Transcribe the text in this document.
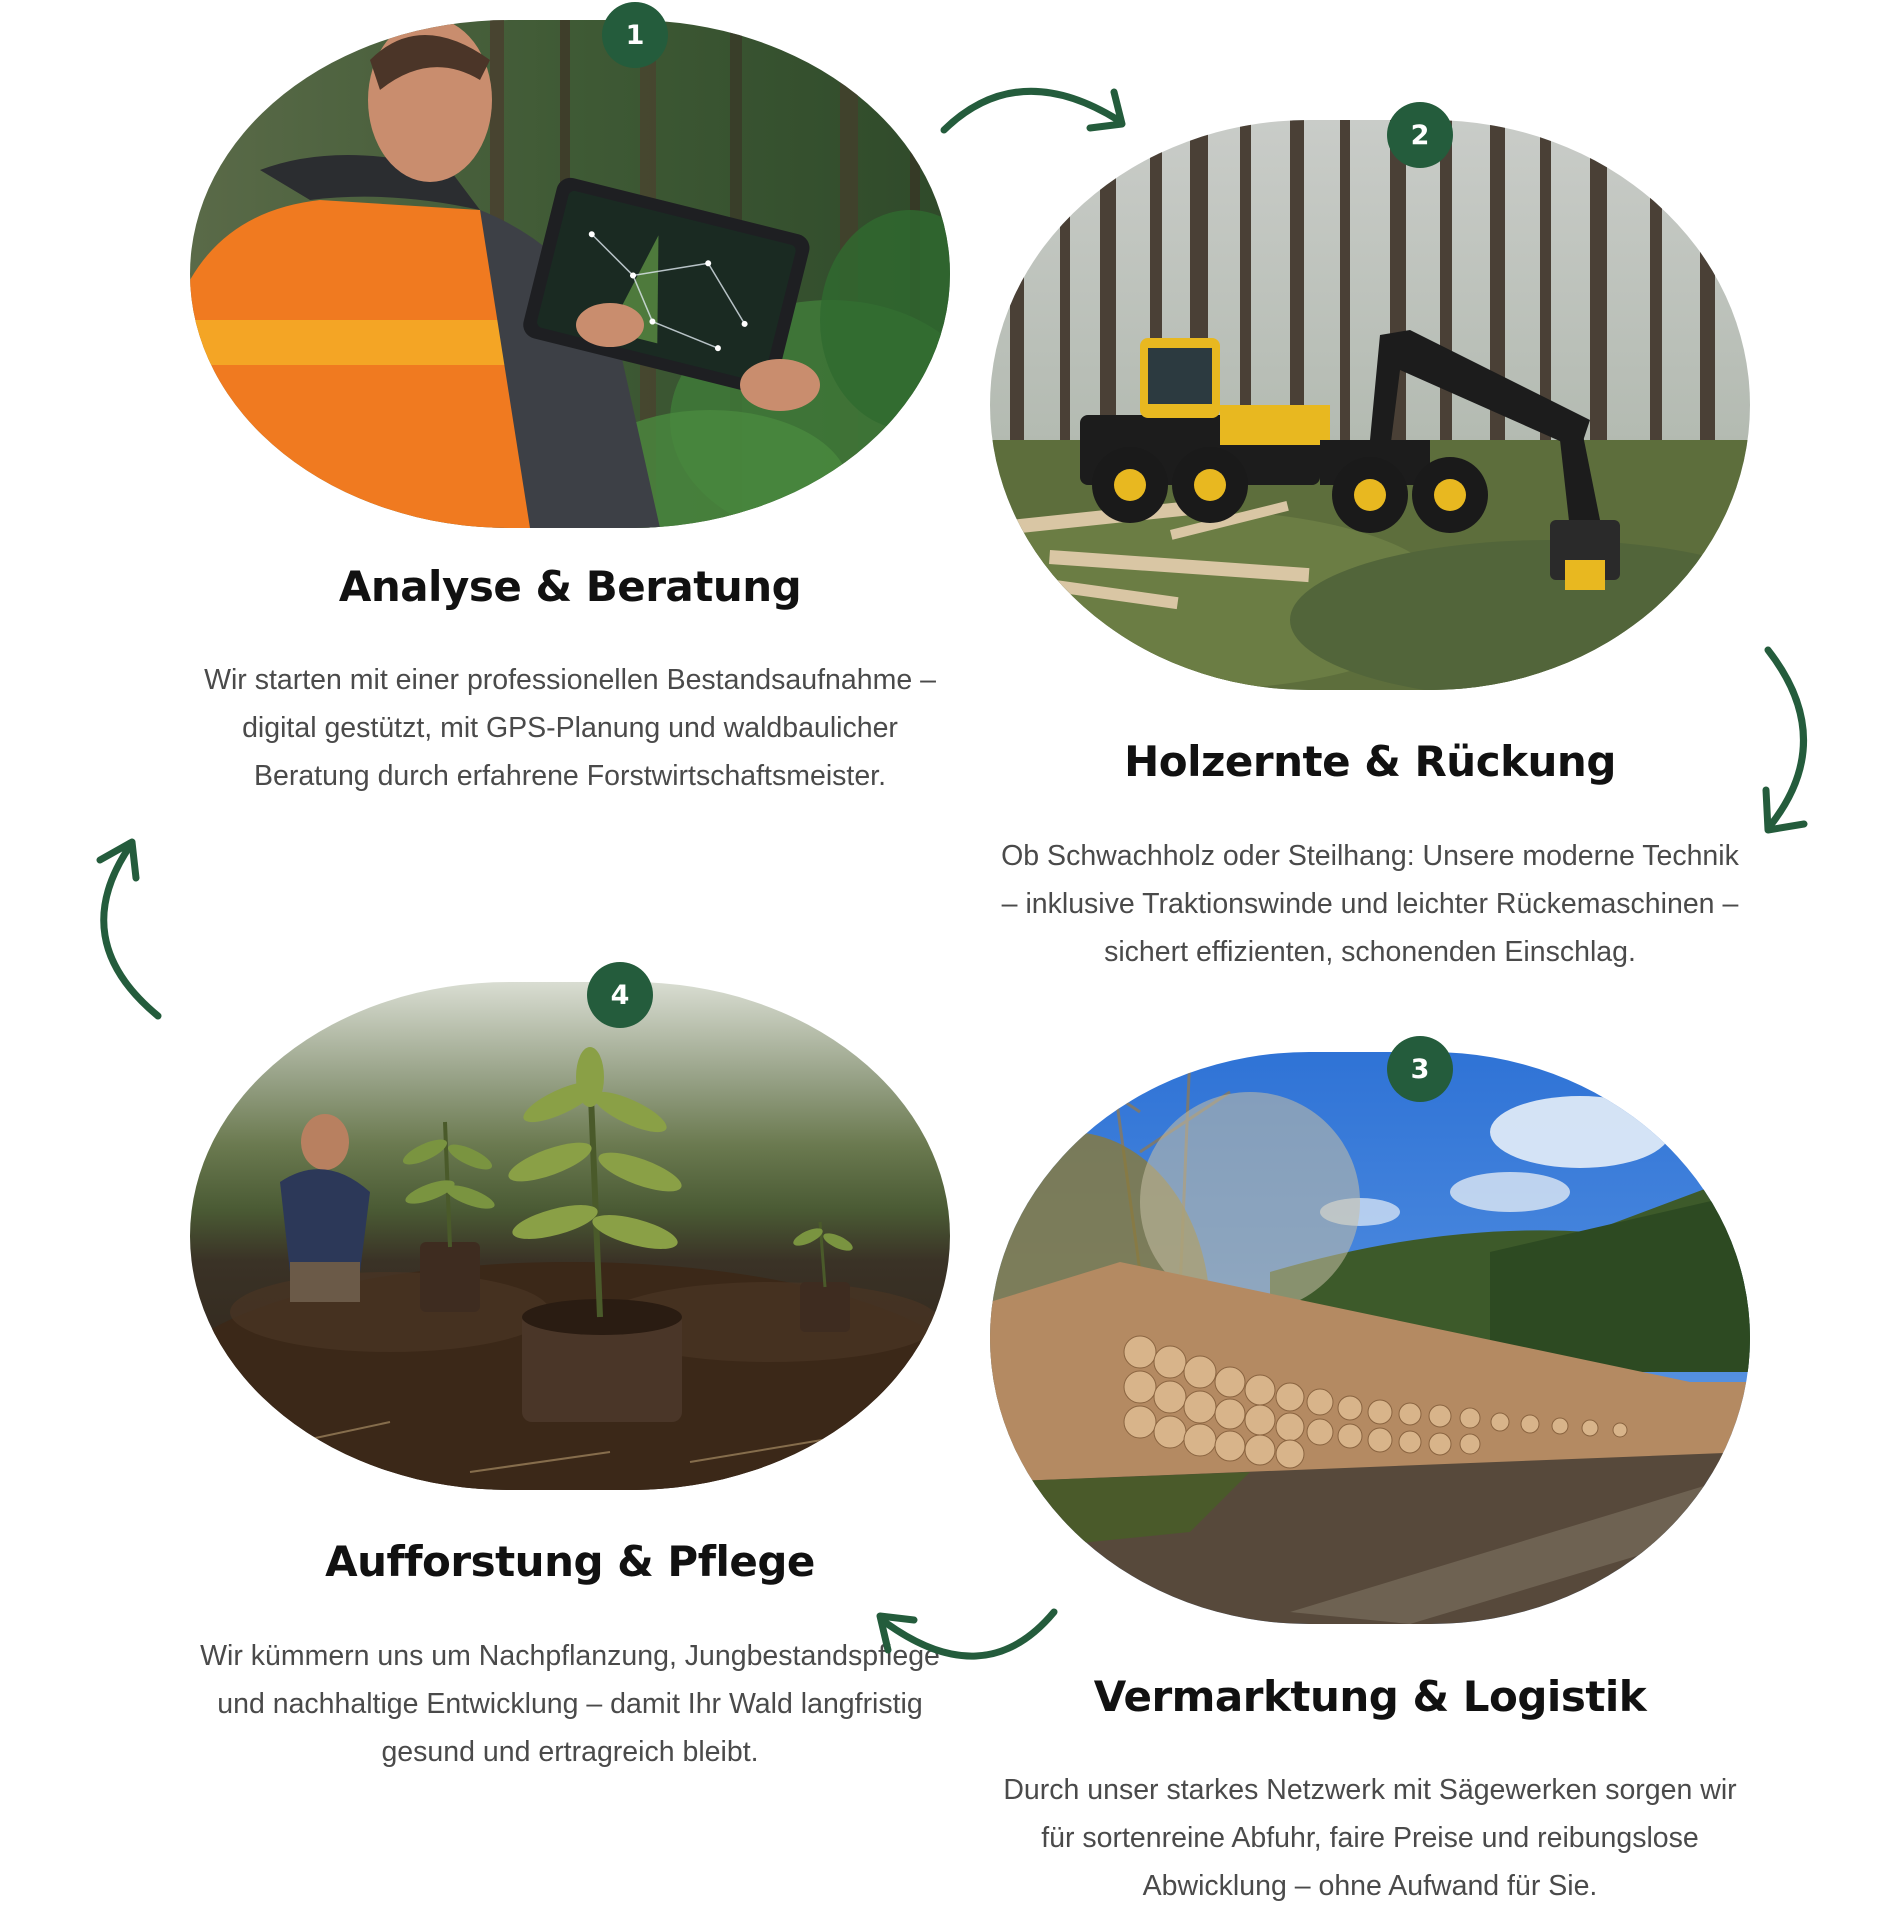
1
Analyse & Beratung

Wir starten mit einer professionellen Bestandsaufnahme – digital gestützt, mit GPS-Planung und waldbaulicher Beratung durch erfahrene Forstwirtschaftsmeister.

2
Holzernte & Rückung

Ob Schwachholz oder Steilhang: Unsere moderne Technik – inklusive Traktionswinde und leichter Rückemaschinen – sichert effizienten, schonenden Einschlag.

3
Vermarktung & Logistik

Durch unser starkes Netzwerk mit Sägewerken sorgen wir für sortenreine Abfuhr, faire Preise und reibungslose Abwicklung – ohne Aufwand für Sie.

4
Aufforstung & Pflege

Wir kümmern uns um Nachpflanzung, Jungbestandspflege und nachhaltige Entwicklung – damit Ihr Wald langfristig gesund und ertragreich bleibt.
